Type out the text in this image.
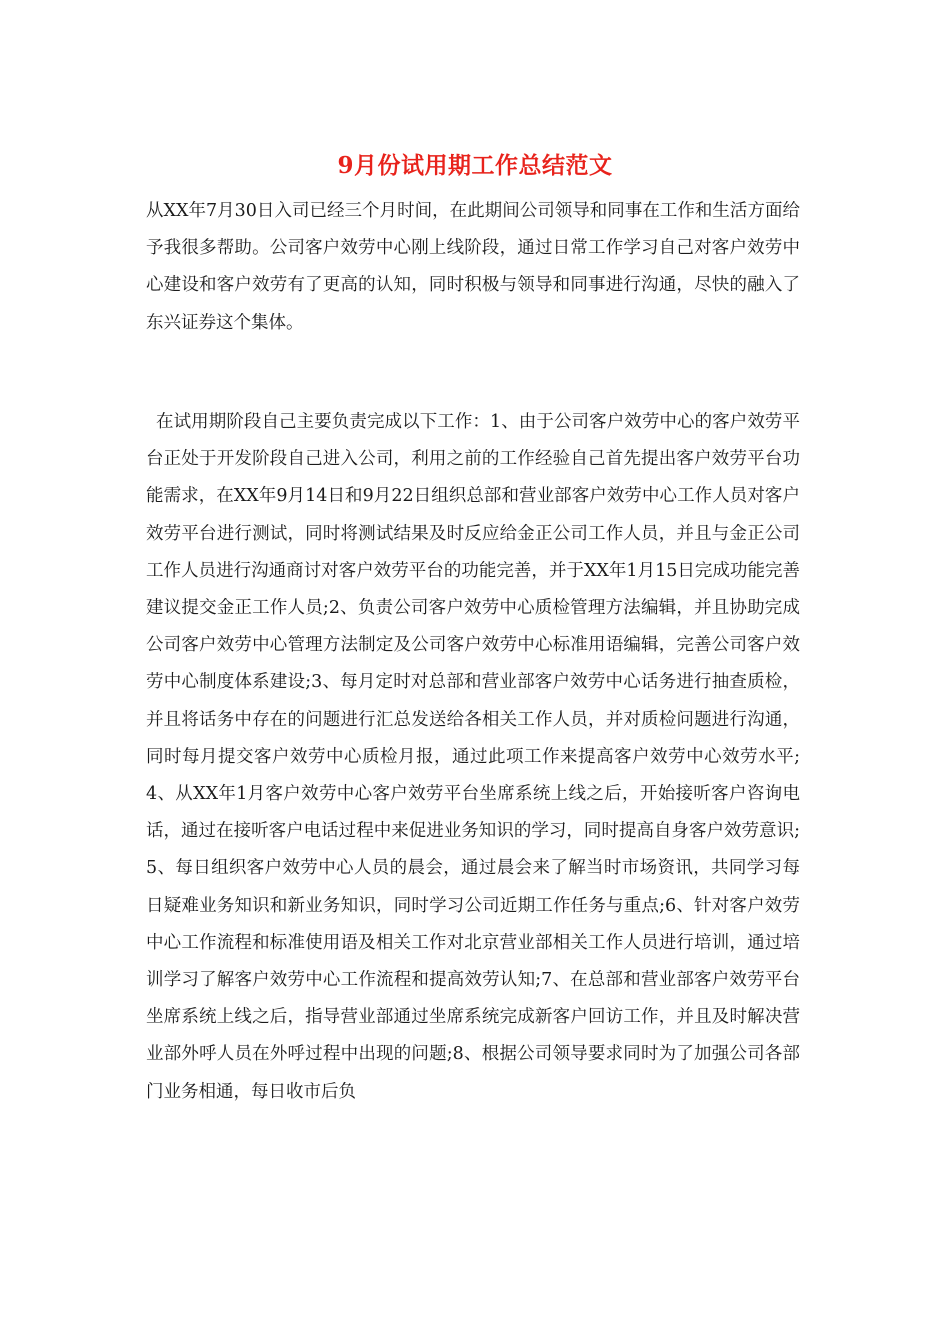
9月份试用期工作总结范文

从XX年7月30日入司已经三个月时间，在此期间公司领导和同事在工作和生活方面给予我很多帮助。公司客户效劳中心刚上线阶段，通过日常工作学习自己对客户效劳中心建设和客户效劳有了更高的认知，同时积极与领导和同事进行沟通，尽快的融入了东兴证券这个集体。

在试用期阶段自己主要负责完成以下工作：1、由于公司客户效劳中心的客户效劳平台正处于开发阶段自己进入公司，利用之前的工作经验自己首先提出客户效劳平台功能需求，在XX年9月14日和9月22日组织总部和营业部客户效劳中心工作人员对客户效劳平台进行测试，同时将测试结果及时反应给金正公司工作人员，并且与金正公司工作人员进行沟通商讨对客户效劳平台的功能完善，并于XX年1月15日完成功能完善建议提交金正工作人员;2、负责公司客户效劳中心质检管理方法编辑，并且协助完成公司客户效劳中心管理方法制定及公司客户效劳中心标准用语编辑，完善公司客户效劳中心制度体系建设;3、每月定时对总部和营业部客户效劳中心话务进行抽查质检，并且将话务中存在的问题进行汇总发送给各相关工作人员，并对质检问题进行沟通，同时每月提交客户效劳中心质检月报，通过此项工作来提高客户效劳中心效劳水平;4、从XX年1月客户效劳中心客户效劳平台坐席系统上线之后，开始接听客户咨询电话，通过在接听客户电话过程中来促进业务知识的学习，同时提高自身客户效劳意识;5、每日组织客户效劳中心人员的晨会，通过晨会来了解当时市场资讯，共同学习每日疑难业务知识和新业务知识，同时学习公司近期工作任务与重点;6、针对客户效劳中心工作流程和标准使用语及相关工作对北京营业部相关工作人员进行培训，通过培训学习了解客户效劳中心工作流程和提高效劳认知;7、在总部和营业部客户效劳平台坐席系统上线之后，指导营业部通过坐席系统完成新客户回访工作，并且及时解决营业部外呼人员在外呼过程中出现的问题;8、根据公司领导要求同时为了加强公司各部门业务相通，每日收市后负
